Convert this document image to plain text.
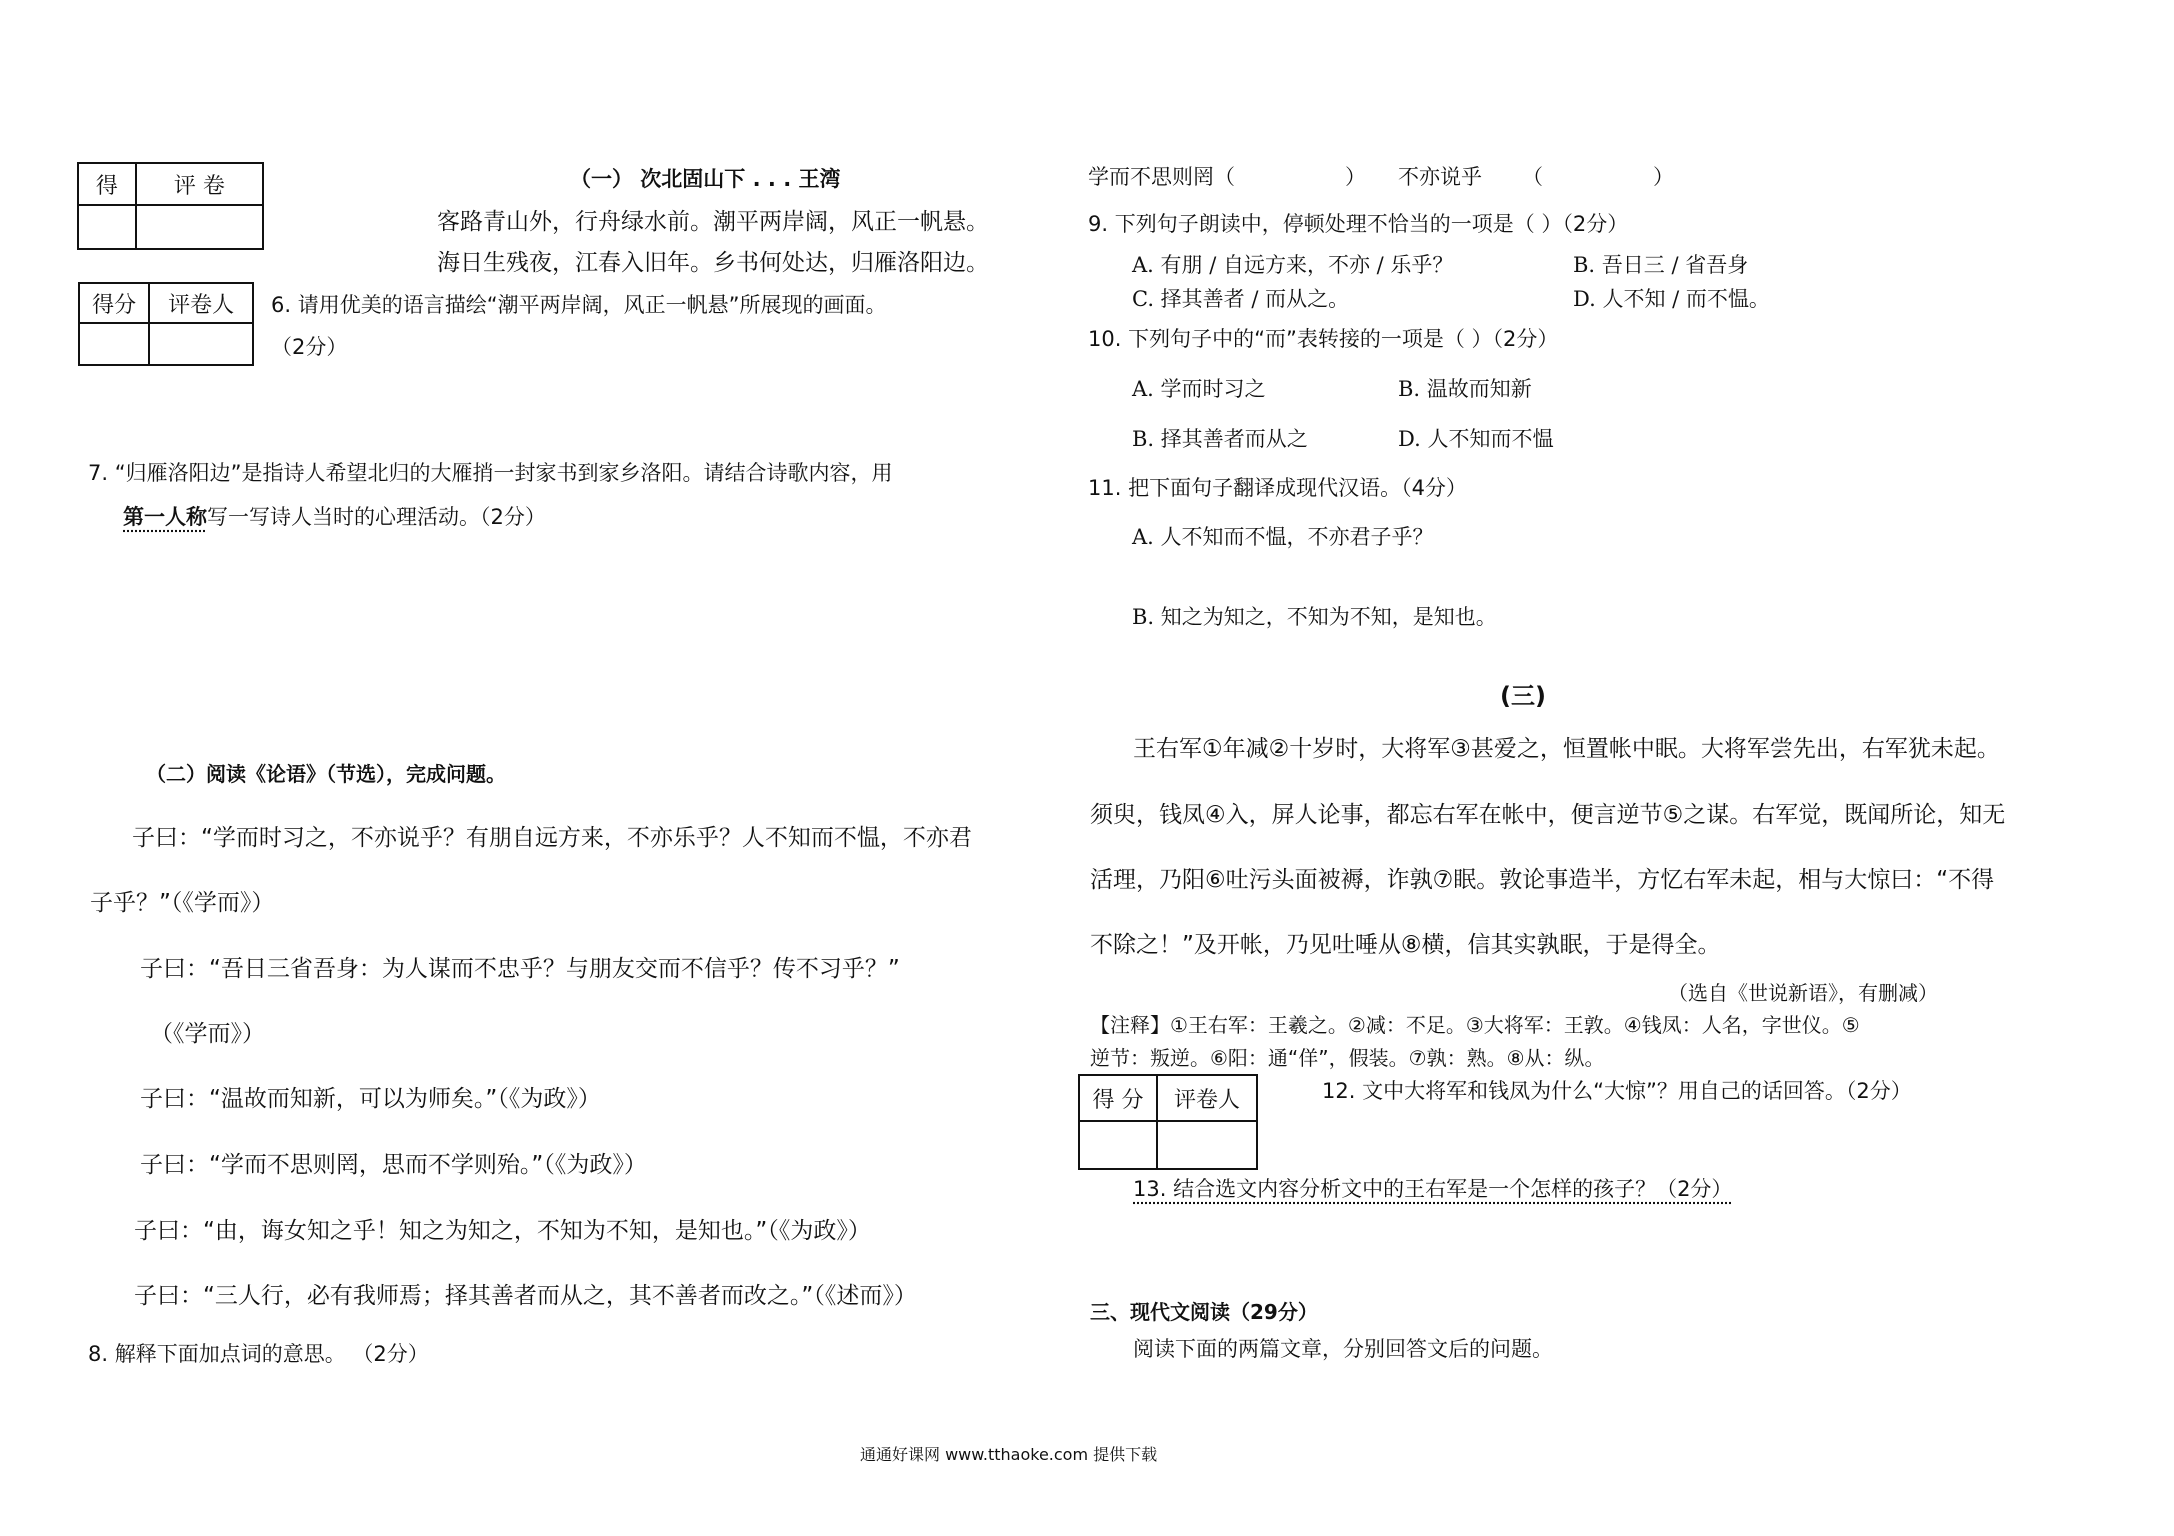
得	评 卷
		（一） 次北固山下 . . . 王湾
客路青山外，行舟绿水前。潮平两岸阔，风正一帆悬。
海日生残夜，江春入旧年。乡书何处达，归雁洛阳边。
得分	评卷人
	6. 请用优美的语言描绘“潮平两岸阔，风正一帆悬”所展现的画面。
（2分）
7. “归雁洛阳边”是指诗人希望北归的大雁捎一封家书到家乡洛阳。请结合诗歌内容，用
第一人称写一写诗人当时的心理活动。（2分）
（二）阅读《论语》（节选），完成问题。
子曰：“学而时习之，不亦说乎？有朋自远方来，不亦乐乎？人不知而不愠，不亦君
子乎？”（《学而》）
子曰：“吾日三省吾身：为人谋而不忠乎？与朋友交而不信乎？传不习乎？”
（《学而》）
子曰：“温故而知新，可以为师矣。”（《为政》）
子曰：“学而不思则罔，思而不学则殆。”（《为政》）
子曰：“由，诲女知之乎！知之为知之，不知为不知，是知也。”（《为政》）
子曰：“三人行，必有我师焉；择其善者而从之，其不善者而改之。”（《述而》）
8. 解释下面加点词的意思。 （2分）
学而不思则罔（	） 不亦说乎 （	）
9. 下列句子朗读中，停顿处理不恰当的一项是（ ）（2分）
A. 有朋 / 自远方来，不亦 / 乐乎？	B. 吾日三 / 省吾身
C. 择其善者 / 而从之。	D. 人不知 / 而不愠。
10. 下列句子中的“而”表转接的一项是（ ）（2分）
A. 学而时习之	B. 温故而知新
B. 择其善者而从之	D. 人不知而不愠
11. 把下面句子翻译成现代汉语。（4分）
A. 人不知而不愠，不亦君子乎？
B. 知之为知之，不知为不知，是知也。
(三)
王右军①年减②十岁时，大将军③甚爱之，恒置帐中眠。大将军尝先出，右军犹未起。
须臾，钱凤④入，屏人论事，都忘右军在帐中，便言逆节⑤之谋。右军觉，既闻所论，知无
活理，乃阳⑥吐污头面被褥，诈孰⑦眠。敦论事造半，方忆右军未起，相与大惊曰：“不得
不除之！”及开帐，乃见吐唾从⑧横，信其实孰眠，于是得全。
（选自《世说新语》，有删减）
【注释】①王右军：王羲之。②减：不足。③大将军：王敦。④钱凤：人名，字世仪。⑤
逆节：叛逆。⑥阳：通“佯”，假装。⑦孰：熟。⑧从：纵。
得 分	评卷人
		12. 文中大将军和钱凤为什么“大惊”？用自己的话回答。（2分）
13. 结合选文内容分析文中的王右军是一个怎样的孩子？（2分）
三、现代文阅读（29分）
阅读下面的两篇文章，分别回答文后的问题。
通通好课网 www.tthaoke.com 提供下载
